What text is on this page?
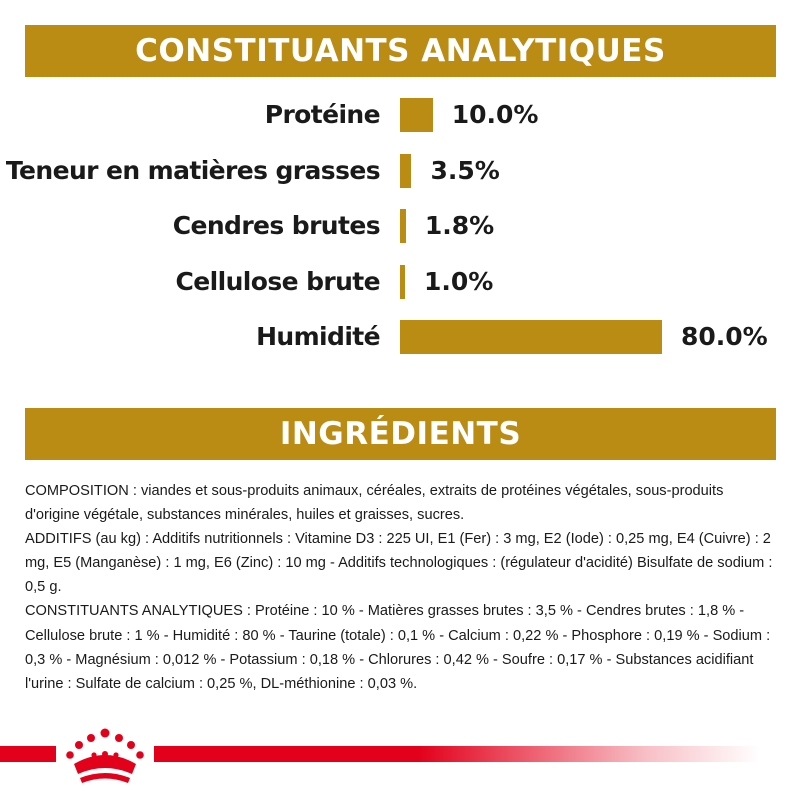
CONSTITUANTS ANALYTIQUES
Protéine	10.0%
Teneur en matières grasses 3.5%
Cendres brutes 1.8%
Cellulose brute 1.0%
Humidité	80.0%
INGRÉDIENTS

COMPOSITION : viandes et sous-produits animaux, céréales, extraits de protéines végétales, sous-produits d'origine végétale, substances minérales, huiles et graisses, sucres.

ADDITIFS (au kg) : Additifs nutritionnels : Vitamine D3 : 225 UI, E1 (Fer) : 3 mg, E2 (Iode) : 0,25 mg, E4 (Cuivre) : 2 mg, E5 (Manganèse) : 1 mg, E6 (Zinc) : 10 mg - Additifs technologiques : (régulateur d'acidité) Bisulfate de sodium : 0,5 g.

CONSTITUANTS ANALYTIQUES : Protéine : 10 % - Matières grasses brutes : 3,5 % - Cendres brutes : 1,8 % - Cellulose brute : 1 % - Humidité : 80 % - Taurine (totale) : 0,1 % - Calcium : 0,22 % - Phosphore : 0,19 % - Sodium : 0,3 % - Magnésium : 0,012 % - Potassium : 0,18 % - Chlorures : 0,42 % - Soufre : 0,17 % - Substances acidifiant l'urine : Sulfate de calcium : 0,25 %, DL-méthionine : 0,03 %.
